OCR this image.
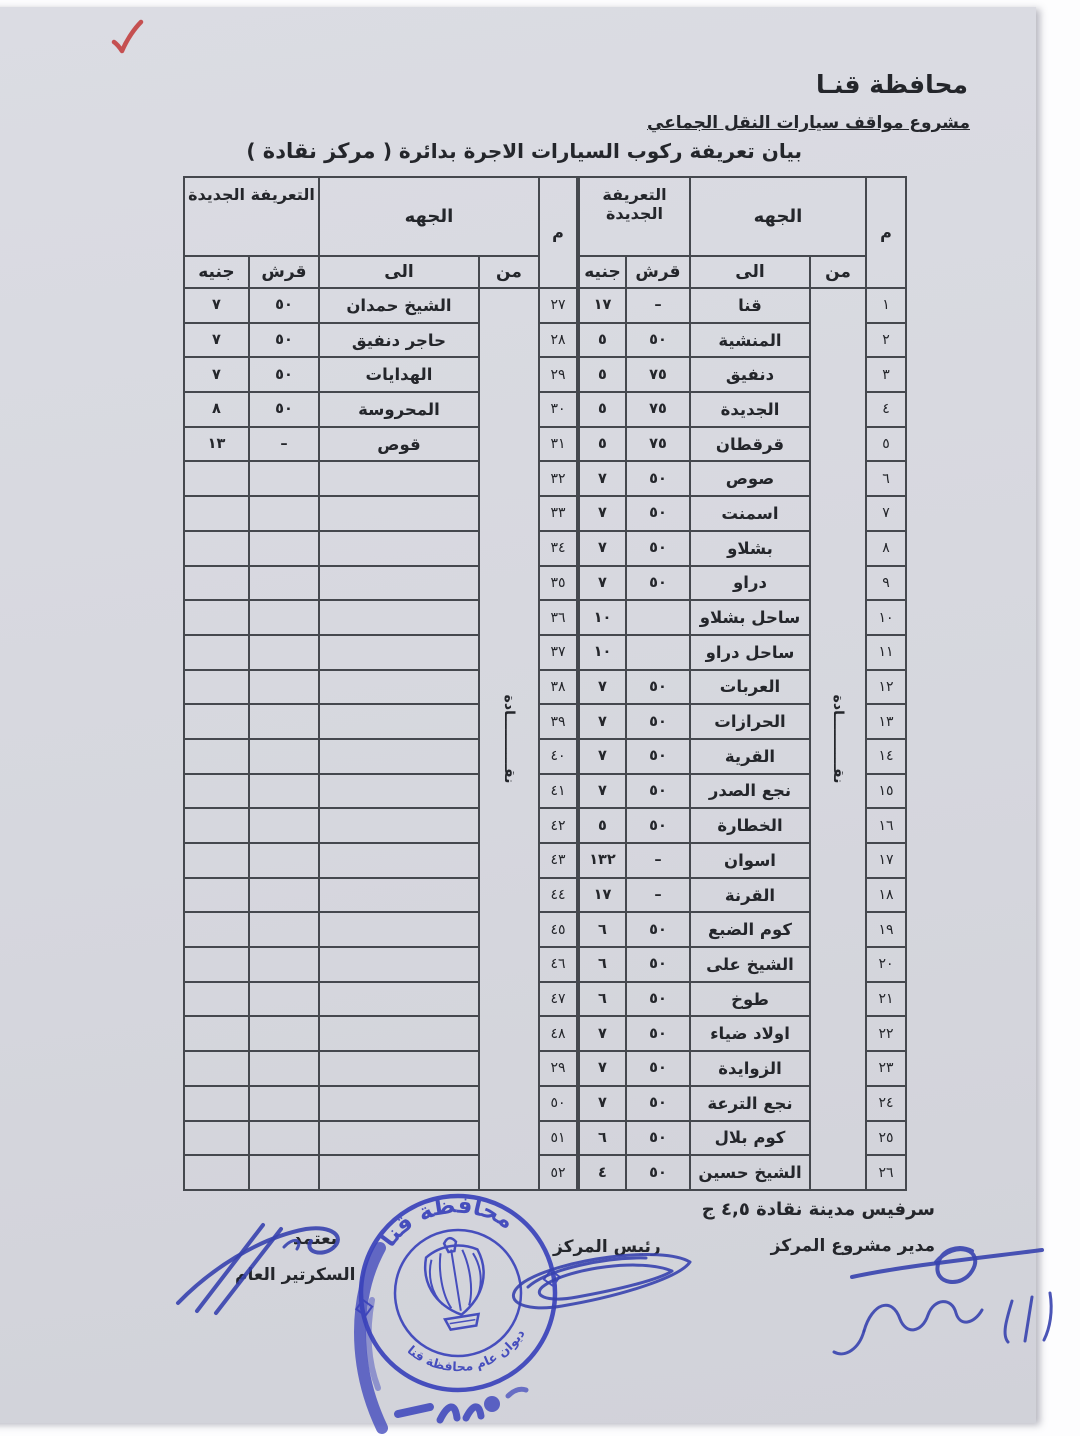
محافظة قنـا
مشروع مواقف سيارات النقل الجماعي
بيان تعريفة ركوب السيارات الاجرة بدائرة ( مركز نقادة )
م	الجهه		التعريفة الجديدة	
	من	الى	قرش	جنيه
١	نقـــــــــــادة	قنا	–	١٧
٢		المنشية	٥٠	٥
٣		دنفيق	٧٥	٥
٤		الجديدة	٧٥	٥
٥		قرقطان	٧٥	٥
٦		صوص	٥٠	٧
٧		اسمنت	٥٠	٧
٨		بشلاو	٥٠	٧
٩		دراو	٥٠	٧
١٠		ساحل بشلاو		١٠
١١		ساحل دراو		١٠
١٢		العربات	٥٠	٧
١٣		الحرازات	٥٠	٧
١٤		القرية	٥٠	٧
١٥		نجع الصدر	٥٠	٧
١٦		الخطارة	٥٠	٥
١٧		اسوان	–	١٣٢
١٨		القرنة	–	١٧
١٩		كوم الضبع	٥٠	٦
٢٠		الشيخ على	٥٠	٦
٢١		طوخ	٥٠	٦
٢٢		اولاد ضياء	٥٠	٧
٢٣		الزوايدة	٥٠	٧
٢٤		نجع الترعة	٥٠	٧
٢٥		كوم بلال	٥٠	٦
٢٦		الشيخ حسين	٥٠	٤
م	الجهه		التعريفة الجديدة	
	من	الى	قرش	جنيه
٢٧	نقـــــــــــادة	الشيخ حمدان	٥٠	٧
٢٨		حاجر دنفيق	٥٠	٧
٢٩		الهدايات	٥٠	٧
٣٠		المحروسة	٥٠	٨
٣١		قوص	–	١٣
٣٢				
٣٣				
٣٤				
٣٥				
٣٦				
٣٧				
٣٨				
٣٩				
٤٠				
٤١				
٤٢				
٤٣				
٤٤				
٤٥				
٤٦				
٤٧				
٤٨				
٢٩				
٥٠				
٥١				
٥٢				
سرفيس مدينة نقادة ٤,٥ ج
مدير مشروع المركز
رئيس المركز
يعتمد
السكرتير العام
محافظة قنا
ديوان عام محافظة قنا
